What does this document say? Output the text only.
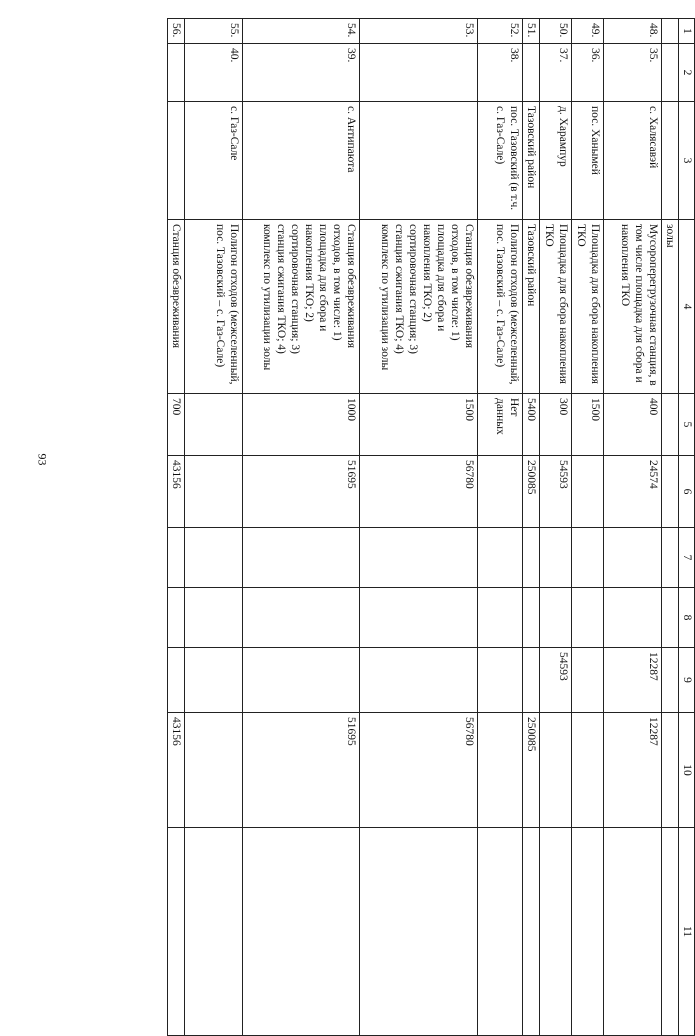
93
1	2	3	4	5	6	7	8	9	10	11
			золы							
48.	35.	с. Халясавэй	Мусороперегрузочная станция, в том числе площадка для сбора и накопления ТКО	400	24574			12287	12287	
49.	36.	пос. Ханымей	Площадка для сбора накопления ТКО	1500						
50.	37.	д. Харампур	Площадка для сбора накопления ТКО	300	54593			54593		
51.		Тазовский район	Тазовский район	5400	250085				250085	
52.	38.	пос. Тазовский (в т.ч. с. Газ-Сале)	Полигон отходов (межселенный, пос. Тазовский – с. Газ-Сале)	Нет данных						
53.			Станция обезвреживания отходов, в том числе: 1) площадка для сбора и накопления ТКО; 2) сортировочная станция; 3) станция сжигания ТКО; 4) комплекс по утилизации золы	1500	56780				56780	
54.	39.	с. Антипаюта	Станция обезвреживания отходов, в том числе: 1) площадка для сбора и накопления ТКО; 2) сортировочная станция; 3) станция сжигания ТКО; 4) комплекс по утилизации золы	1000	51695				51695	
55.	40.	с. Газ-Сале	Полигон отходов (межселенный, пос. Тазовский – с. Газ-Сале)							
56.			Станция обезвреживания	700	43156				43156	
